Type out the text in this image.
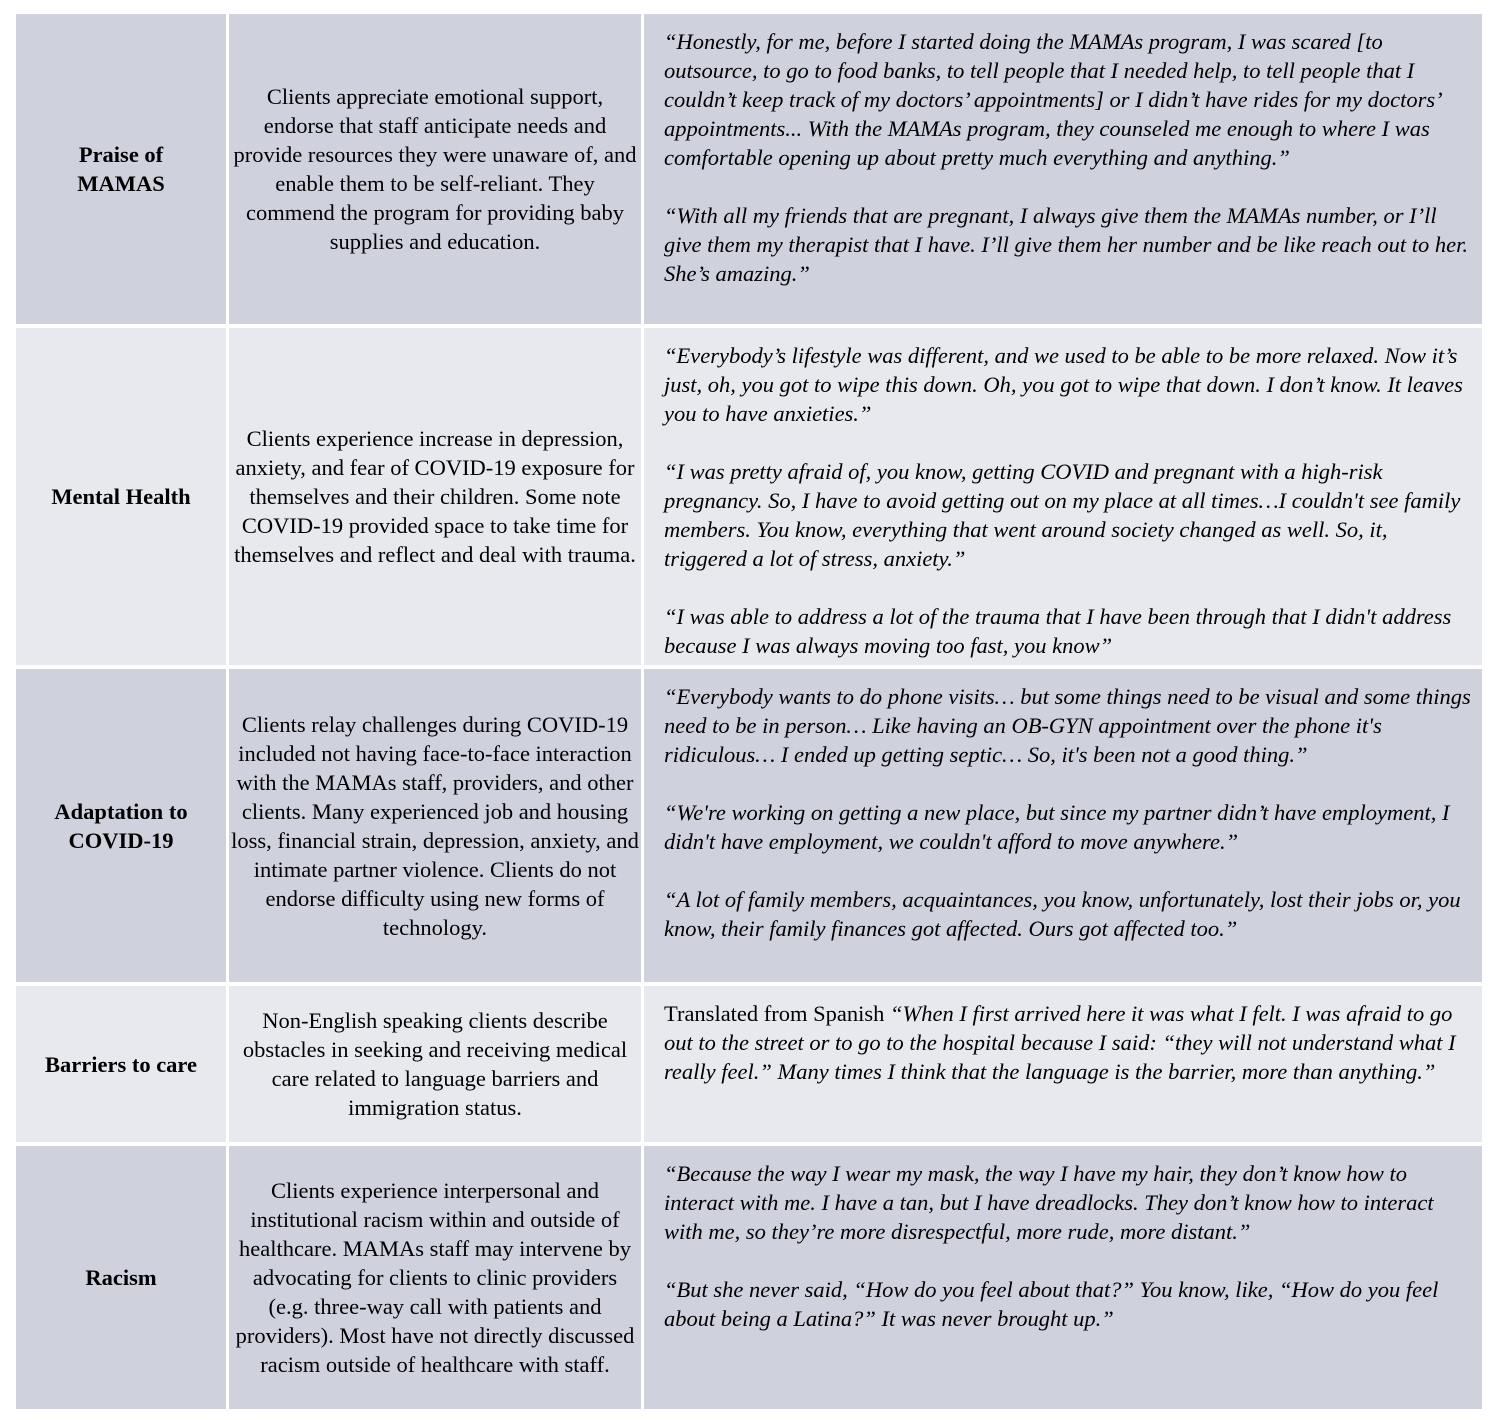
Praise of MAMAS
Clients appreciate emotional support, endorse that staff anticipate needs and provide resources they were unaware of, and enable them to be self-reliant. They commend the program for providing baby supplies and education.

“Honestly, for me, before I started doing the MAMAs program, I was scared [to outsource, to go to food banks, to tell people that I needed help, to tell people that I couldn’t keep track of my doctors’ appointments] or I didn’t have rides for my doctors’ appointments... With the MAMAs program, they counseled me enough to where I was comfortable opening up about pretty much everything and anything.”

“With all my friends that are pregnant, I always give them the MAMAs number, or I’ll give them my therapist that I have. I’ll give them her number and be like reach out to her. She’s amazing.”

Mental Health
Clients experience increase in depression, anxiety, and fear of COVID-19 exposure for themselves and their children. Some note COVID-19 provided space to take time for themselves and reflect and deal with trauma.

“Everybody’s lifestyle was different, and we used to be able to be more relaxed. Now it’s just, oh, you got to wipe this down. Oh, you got to wipe that down. I don’t know. It leaves you to have anxieties.”

“I was pretty afraid of, you know, getting COVID and pregnant with a high-risk pregnancy. So, I have to avoid getting out on my place at all times…I couldn't see family members. You know, everything that went around society changed as well. So, it, triggered a lot of stress, anxiety.”

“I was able to address a lot of the trauma that I have been through that I didn't address because I was always moving too fast, you know”

Adaptation to COVID-19
Clients relay challenges during COVID-19 included not having face-to-face interaction with the MAMAs staff, providers, and other clients. Many experienced job and housing loss, financial strain, depression, anxiety, and intimate partner violence. Clients do not endorse difficulty using new forms of technology.

“Everybody wants to do phone visits… but some things need to be visual and some things need to be in person… Like having an OB-GYN appointment over the phone it's ridiculous… I ended up getting septic… So, it's been not a good thing.”

“We're working on getting a new place, but since my partner didn’t have employment, I didn't have employment, we couldn't afford to move anywhere.”

“A lot of family members, acquaintances, you know, unfortunately, lost their jobs or, you know, their family finances got affected. Ours got affected too.”

Barriers to care
Non-English speaking clients describe obstacles in seeking and receiving medical care related to language barriers and immigration status.

Translated from Spanish “When I first arrived here it was what I felt. I was afraid to go out to the street or to go to the hospital because I said: “they will not understand what I really feel.” Many times I think that the language is the barrier, more than anything.”

Racism
Clients experience interpersonal and institutional racism within and outside of healthcare. MAMAs staff may intervene by advocating for clients to clinic providers (e.g. three-way call with patients and providers). Most have not directly discussed racism outside of healthcare with staff.

“Because the way I wear my mask, the way I have my hair, they don’t know how to interact with me. I have a tan, but I have dreadlocks. They don’t know how to interact with me, so they’re more disrespectful, more rude, more distant.”

“But she never said, “How do you feel about that?” You know, like, “How do you feel about being a Latina?” It was never brought up.”
